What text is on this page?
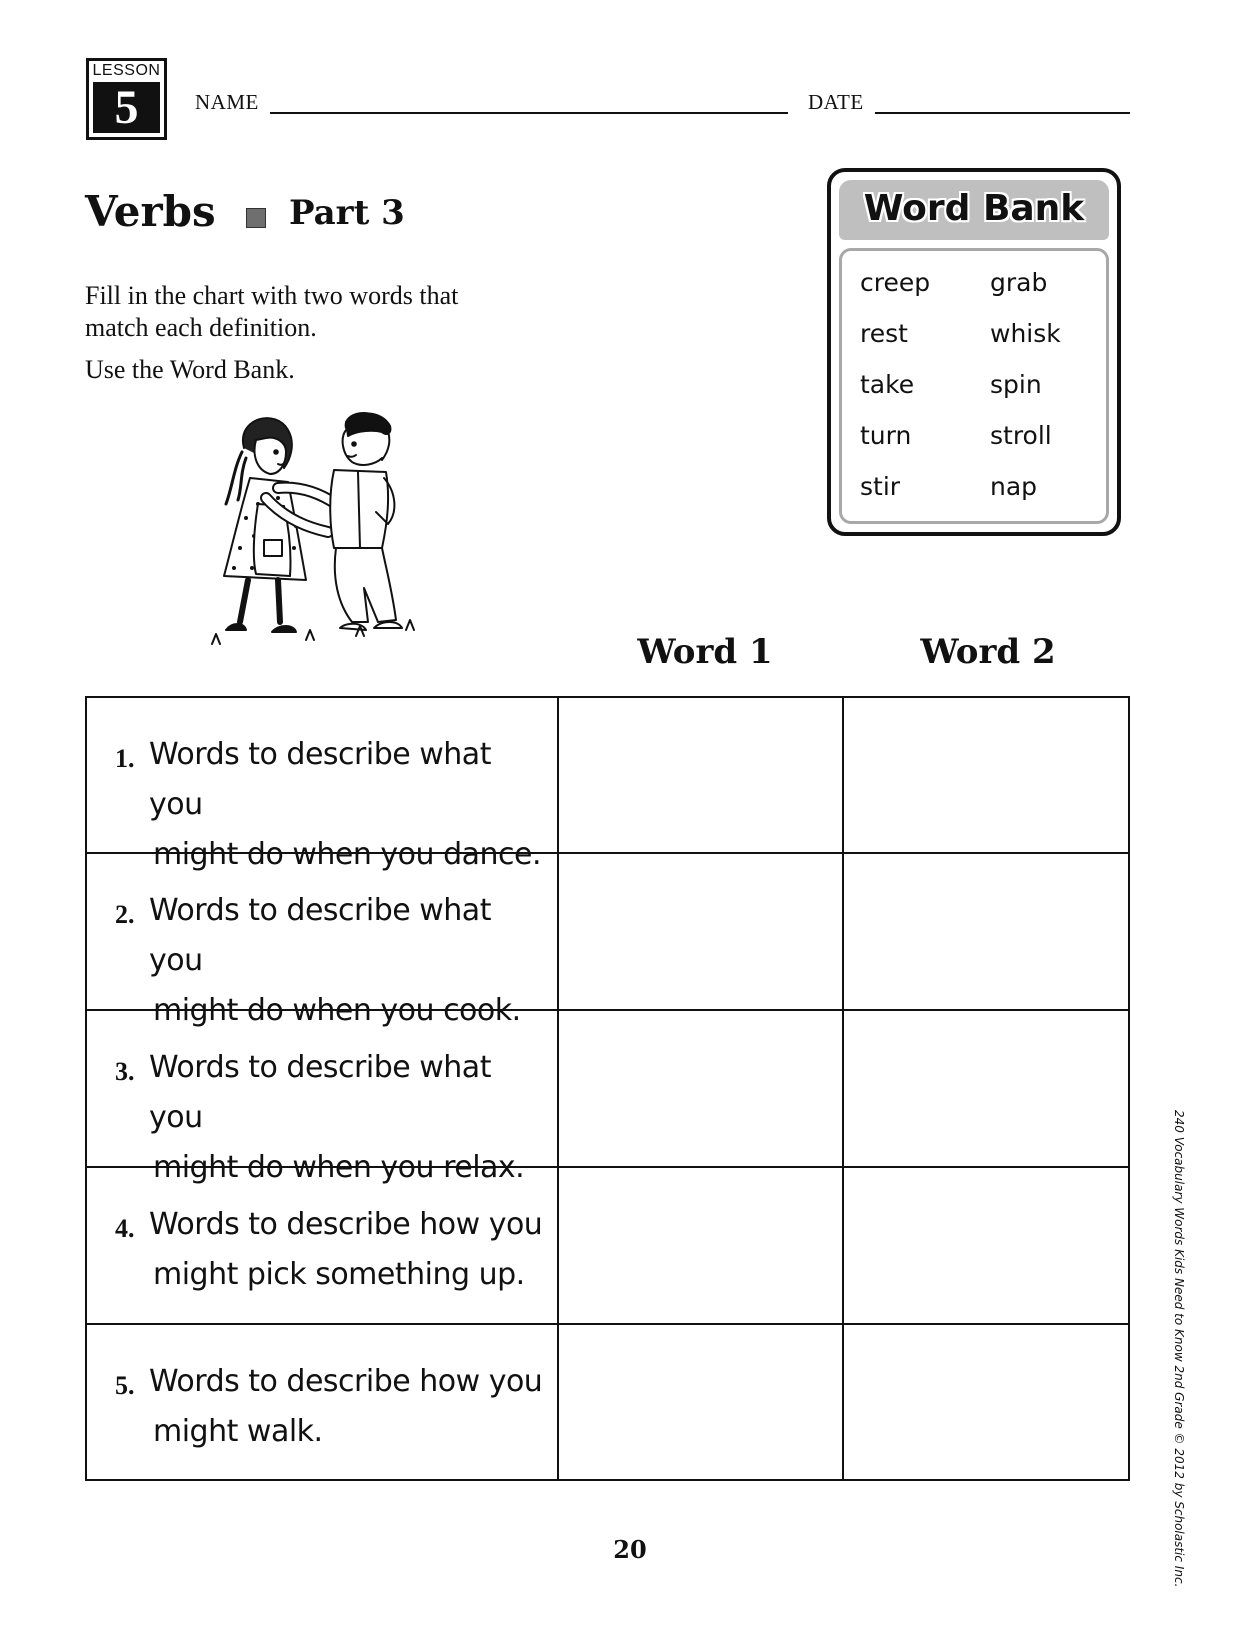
LESSON
5	NAME	DATE
Verbs Part 3
Fill in the chart with two words that
match each definition.
Use the Word Bank.
Word Bank
creep grab
rest	whisk
take	spin
turn	stroll
stir	nap
Word 1	Word 2
1. Words to describe what you
might do when you dance.		

2. Words to describe what you
might do when you cook.		

3. Words to describe what you
might do when you relax.		

4. Words to describe how you
might pick something up.		

5. Words to describe how you
might walk.		

20	240 Vocabulary Words Kids Need to Know 2nd Grade © 2012 by Scholastic Inc.
